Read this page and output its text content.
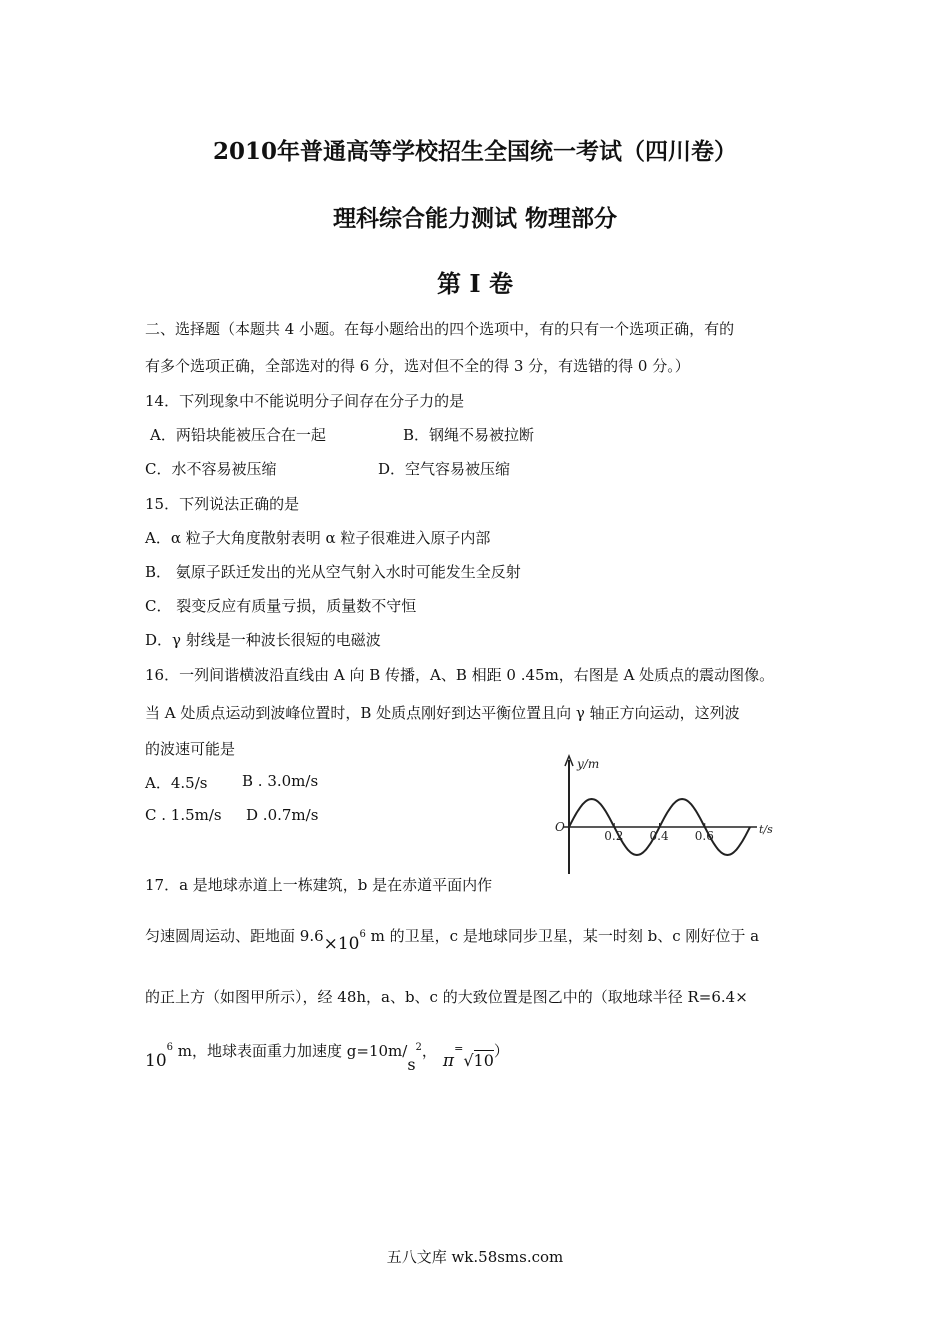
2010年普通高等学校招生全国统一考试（四川卷）
理科综合能力测试 物理部分
第 I 卷
二、选择题（本题共 4 小题。在每小题给出的四个选项中，有的只有一个选项正确，有的
有多个选项正确，全部选对的得 6 分，选对但不全的得 3 分，有选错的得 0 分。）
14．下列现象中不能说明分子间存在分子力的是
A．两铅块能被压合在一起	B．钢绳不易被拉断
C．水不容易被压缩	D．空气容易被压缩
15．下列说法正确的是
A．α 粒子大角度散射表明 α 粒子很难进入原子内部
B． 氨原子跃迁发出的光从空气射入水时可能发生全反射
C． 裂变反应有质量亏损，质量数不守恒
D．γ 射线是一种波长很短的电磁波
16．一列间谐横波沿直线由 A 向 B 传播，A、B 相距 0 .45m，右图是 A 处质点的震动图像。
当 A 处质点运动到波峰位置时，B 处质点刚好到达平衡位置且向 γ 轴正方向运动，这列波
的波速可能是
A．4.5/s B . 3.0m/s
C . 1.5m/s D .0.7m/s
y/m
t/s
O
0.2 0.4 0.6
17．a 是地球赤道上一栋建筑，b 是在赤道平面内作
匀速圆周运动、距地面 $9.6\times 10^6$ m 的卫星，c 是地球同步卫星，某一时刻 b、c 刚好位于 a
的正上方（如图甲所示），经 48h，a、b、c 的大致位置是图乙中的（取地球半径 R=6.4×
$10^6$ m，地球表面重力加速度 $g=10m/s^2$， π=√10）
五八文库 wk.58sms.com
